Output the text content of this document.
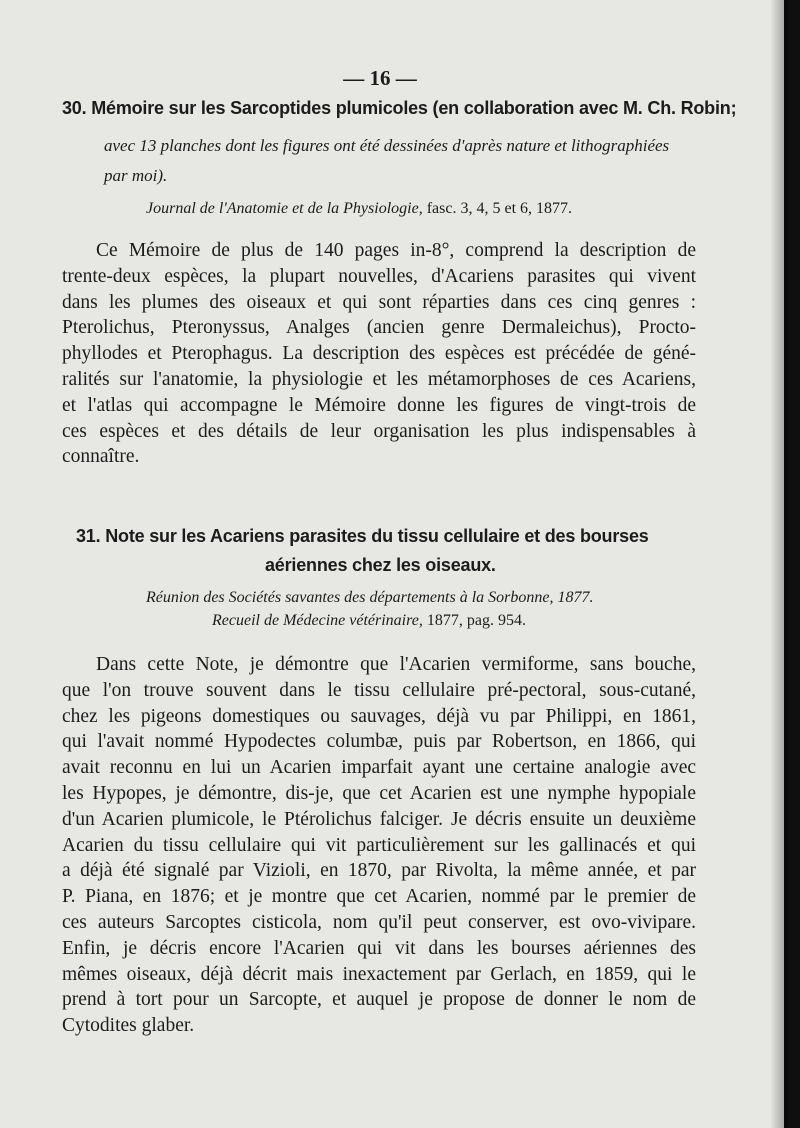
— 16 —
30. Mémoire sur les Sarcoptides plumicoles (en collaboration avec M. Ch. Robin;
avec 13 planches dont les figures ont été dessinées d'après nature et lithographiées
par moi).
Journal de l'Anatomie et de la Physiologie, fasc. 3, 4, 5 et 6, 1877.
Ce Mémoire de plus de 140 pages in-8°, comprend la description de
trente-deux espèces, la plupart nouvelles, d'Acariens parasites qui vivent
dans les plumes des oiseaux et qui sont réparties dans ces cinq genres :
Pterolichus, Pteronyssus, Analges (ancien genre Dermaleichus), Procto-
phyllodes et Pterophagus. La description des espèces est précédée de géné-
ralités sur l'anatomie, la physiologie et les métamorphoses de ces Acariens,
et l'atlas qui accompagne le Mémoire donne les figures de vingt-trois de
ces espèces et des détails de leur organisation les plus indispensables à
connaître.
31. Note sur les Acariens parasites du tissu cellulaire et des bourses
aériennes chez les oiseaux.
Réunion des Sociétés savantes des départements à la Sorbonne, 1877.
Recueil de Médecine vétérinaire, 1877, pag. 954.
Dans cette Note, je démontre que l'Acarien vermiforme, sans bouche,
que l'on trouve souvent dans le tissu cellulaire pré-pectoral, sous-cutané,
chez les pigeons domestiques ou sauvages, déjà vu par Philippi, en 1861,
qui l'avait nommé Hypodectes columbæ, puis par Robertson, en 1866, qui
avait reconnu en lui un Acarien imparfait ayant une certaine analogie avec
les Hypopes, je démontre, dis-je, que cet Acarien est une nymphe hypopiale
d'un Acarien plumicole, le Ptérolichus falciger. Je décris ensuite un deuxième
Acarien du tissu cellulaire qui vit particulièrement sur les gallinacés et qui
a déjà été signalé par Vizioli, en 1870, par Rivolta, la même année, et par
P. Piana, en 1876; et je montre que cet Acarien, nommé par le premier de
ces auteurs Sarcoptes cisticola, nom qu'il peut conserver, est ovo-vivipare.
Enfin, je décris encore l'Acarien qui vit dans les bourses aériennes des
mêmes oiseaux, déjà décrit mais inexactement par Gerlach, en 1859, qui le
prend à tort pour un Sarcopte, et auquel je propose de donner le nom de
Cytodites glaber.
